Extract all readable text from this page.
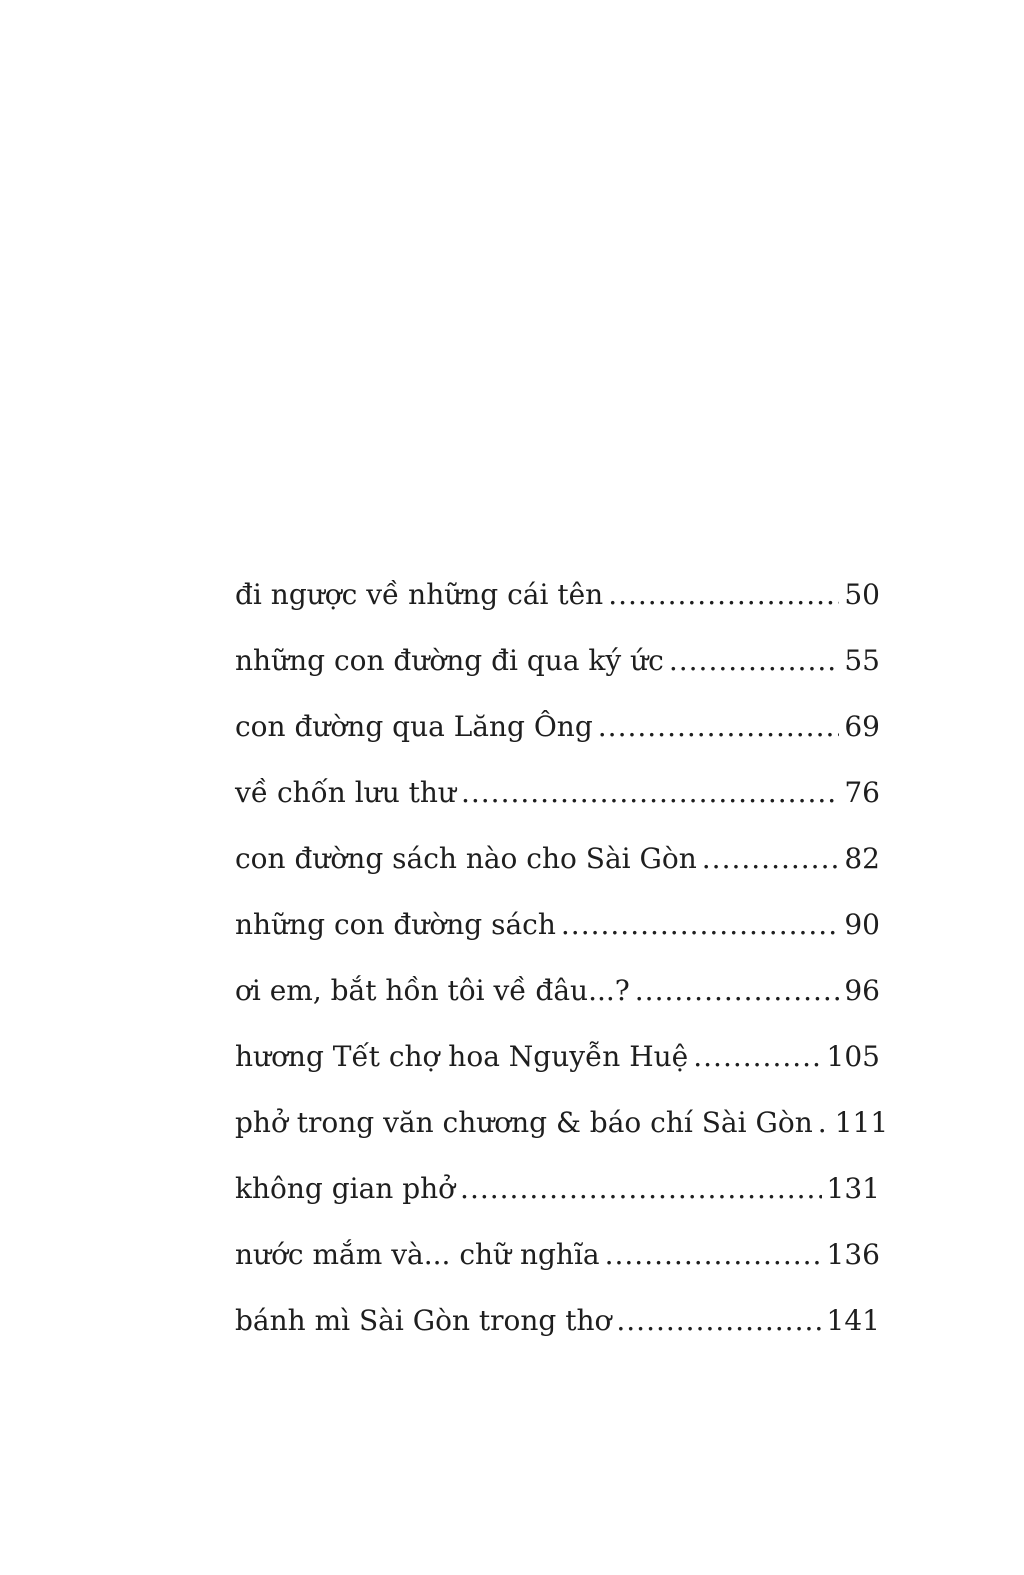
đi ngược về những cái tên .....	50
những con đường đi qua ký ức .....	55
con đường qua Lăng Ông .....	69
về chốn lưu thư .....	76
con đường sách nào cho Sài Gòn .....	82
những con đường sách .....	90
ơi em, bắt hồn tôi về đâu...? .....	96
hương Tết chợ hoa Nguyễn Huệ .....	105
phở trong văn chương & báo chí Sài Gòn ..... 111
không gian phở .....	131
nước mắm và... chữ nghĩa .....	136
bánh mì Sài Gòn trong thơ .....	141
